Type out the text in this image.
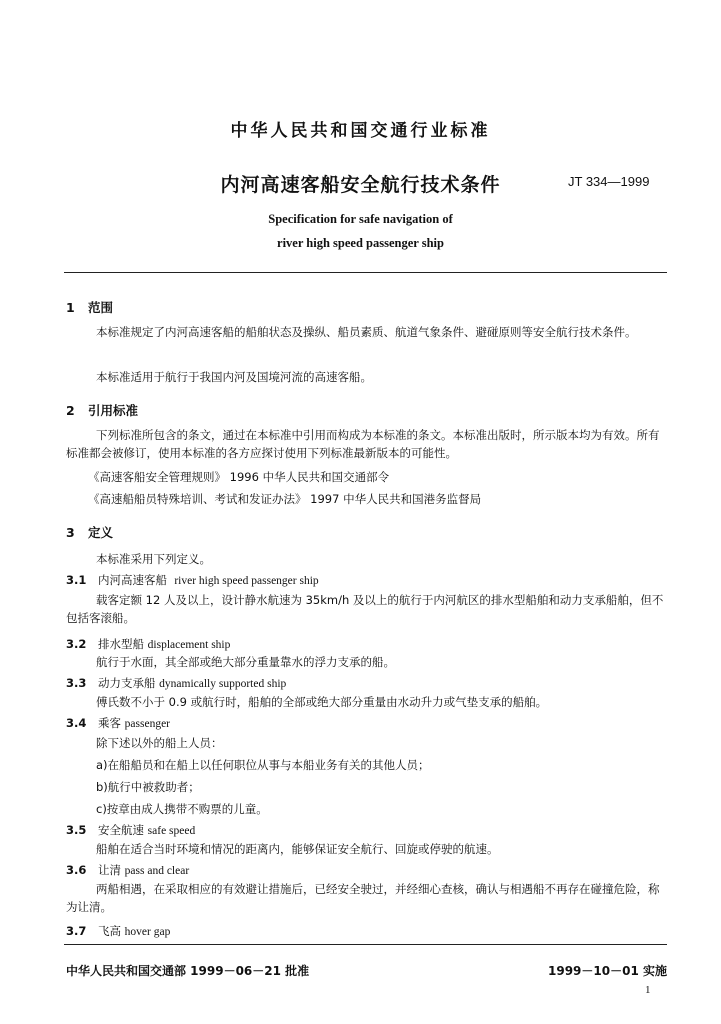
中华人民共和国交通行业标准
内河高速客船安全航行技术条件	JT 334—1999
Specification for safe navigation of
river high speed passenger ship
1 范围
本标准规定了内河高速客船的船舶状态及操纵、船员素质、航道气象条件、避碰原则等安全航行技术条件。
本标准适用于航行于我国内河及国境河流的高速客船。
2 引用标准
下列标准所包含的条文，通过在本标准中引用而构成为本标准的条文。本标准出版时，所示版本均为有效。所有标准都会被修订，使用本标准的各方应探讨使用下列标准最新版本的可能性。
《高速客船安全管理规则》 1996 中华人民共和国交通部令
《高速船船员特殊培训、考试和发证办法》 1997 中华人民共和国港务监督局
3 定义
本标准采用下列定义。
3.1 内河高速客船 river high speed passenger ship
载客定额 12 人及以上，设计静水航速为 35km/h 及以上的航行于内河航区的排水型船舶和动力支承船舶，但不包括客滚船。
3.2 排水型船 displacement ship
航行于水面，其全部或绝大部分重量靠水的浮力支承的船。
3.3 动力支承船 dynamically supported ship
傅氏数不小于 0.9 或航行时，船舶的全部或绝大部分重量由水动升力或气垫支承的船舶。
3.4 乘客 passenger
除下述以外的船上人员：
a)在船船员和在船上以任何职位从事与本船业务有关的其他人员；
b)航行中被救助者；
c)按章由成人携带不购票的儿童。
3.5 安全航速 safe speed
船舶在适合当时环境和情况的距离内，能够保证安全航行、回旋或停驶的航速。
3.6 让清 pass and clear
两船相遇，在采取相应的有效避让措施后，已经安全驶过，并经细心查核，确认与相遇船不再存在碰撞危险，称为让清。
3.7 飞高 hover gap
中华人民共和国交通部 1999－06－21 批准	1999－10－01 实施
1
